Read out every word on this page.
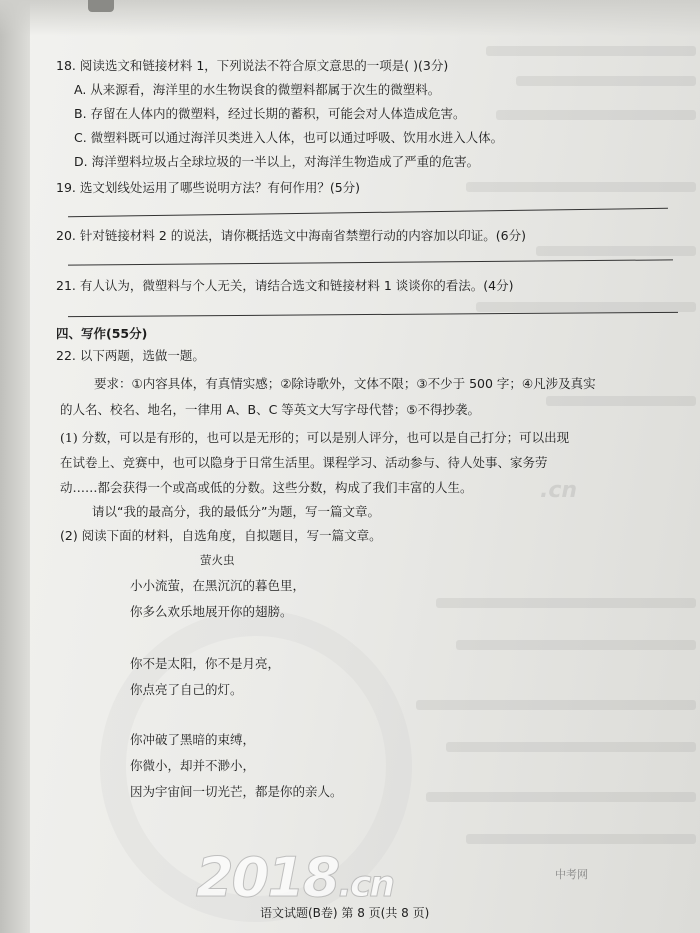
18. 阅读选文和链接材料 1，下列说法不符合原文意思的一项是( )(3分)
A. 从来源看，海洋里的水生物误食的微塑料都属于次生的微塑料。
B. 存留在人体内的微塑料，经过长期的蓄积，可能会对人体造成危害。
C. 微塑料既可以通过海洋贝类进入人体，也可以通过呼吸、饮用水进入人体。
D. 海洋塑料垃圾占全球垃圾的一半以上，对海洋生物造成了严重的危害。
19. 选文划线处运用了哪些说明方法？有何作用？(5分)
20. 针对链接材料 2 的说法，请你概括选文中海南省禁塑行动的内容加以印证。(6分)
21. 有人认为，微塑料与个人无关，请结合选文和链接材料 1 谈谈你的看法。(4分)
四、写作(55分)
22. 以下两题，选做一题。
要求：①内容具体，有真情实感；②除诗歌外，文体不限；③不少于 500 字；④凡涉及真实
的人名、校名、地名，一律用 A、B、C 等英文大写字母代替；⑤不得抄袭。
(1) 分数，可以是有形的，也可以是无形的；可以是别人评分，也可以是自己打分；可以出现
在试卷上、竞赛中，也可以隐身于日常生活里。课程学习、活动参与、待人处事、家务劳
动……都会获得一个或高或低的分数。这些分数，构成了我们丰富的人生。
请以“我的最高分，我的最低分”为题，写一篇文章。
(2) 阅读下面的材料，自选角度，自拟题目，写一篇文章。
萤火虫
小小流萤，在黑沉沉的暮色里，
你多么欢乐地展开你的翅膀。
你不是太阳，你不是月亮，
你点亮了自己的灯。
你冲破了黑暗的束缚，
你微小，却并不渺小，
因为宇宙间一切光芒，都是你的亲人。
.cn
2018.cn	中考网
语文试题(B卷) 第 8 页(共 8 页)
